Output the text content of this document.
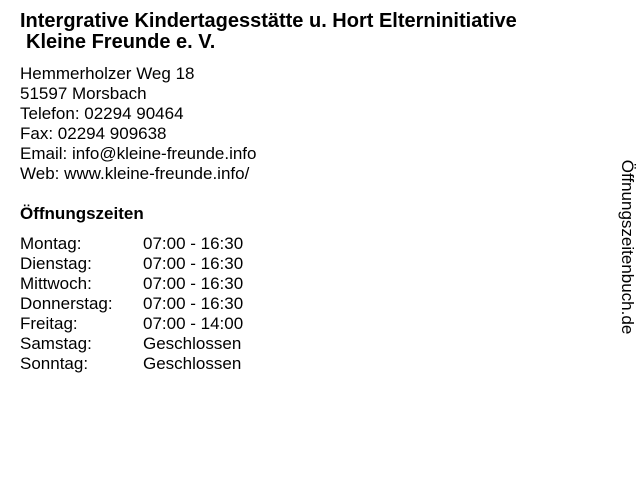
Intergrative Kindertagesstätte u. Hort Elterninitiative
Kleine Freunde e. V.
Hemmerholzer Weg 18
51597 Morsbach
Telefon: 02294 90464
Fax: 02294 909638
Email: info@kleine-freunde.info
Web: www.kleine-freunde.info/
Öffnungszeiten
Montag:	07:00 - 16:30
Dienstag:	07:00 - 16:30
Mittwoch:	07:00 - 16:30
Donnerstag: 07:00 - 16:30
Freitag:	07:00 - 14:00
Samstag:	Geschlossen
Sonntag:	Geschlossen
Öffnungszeitenbuch.de
